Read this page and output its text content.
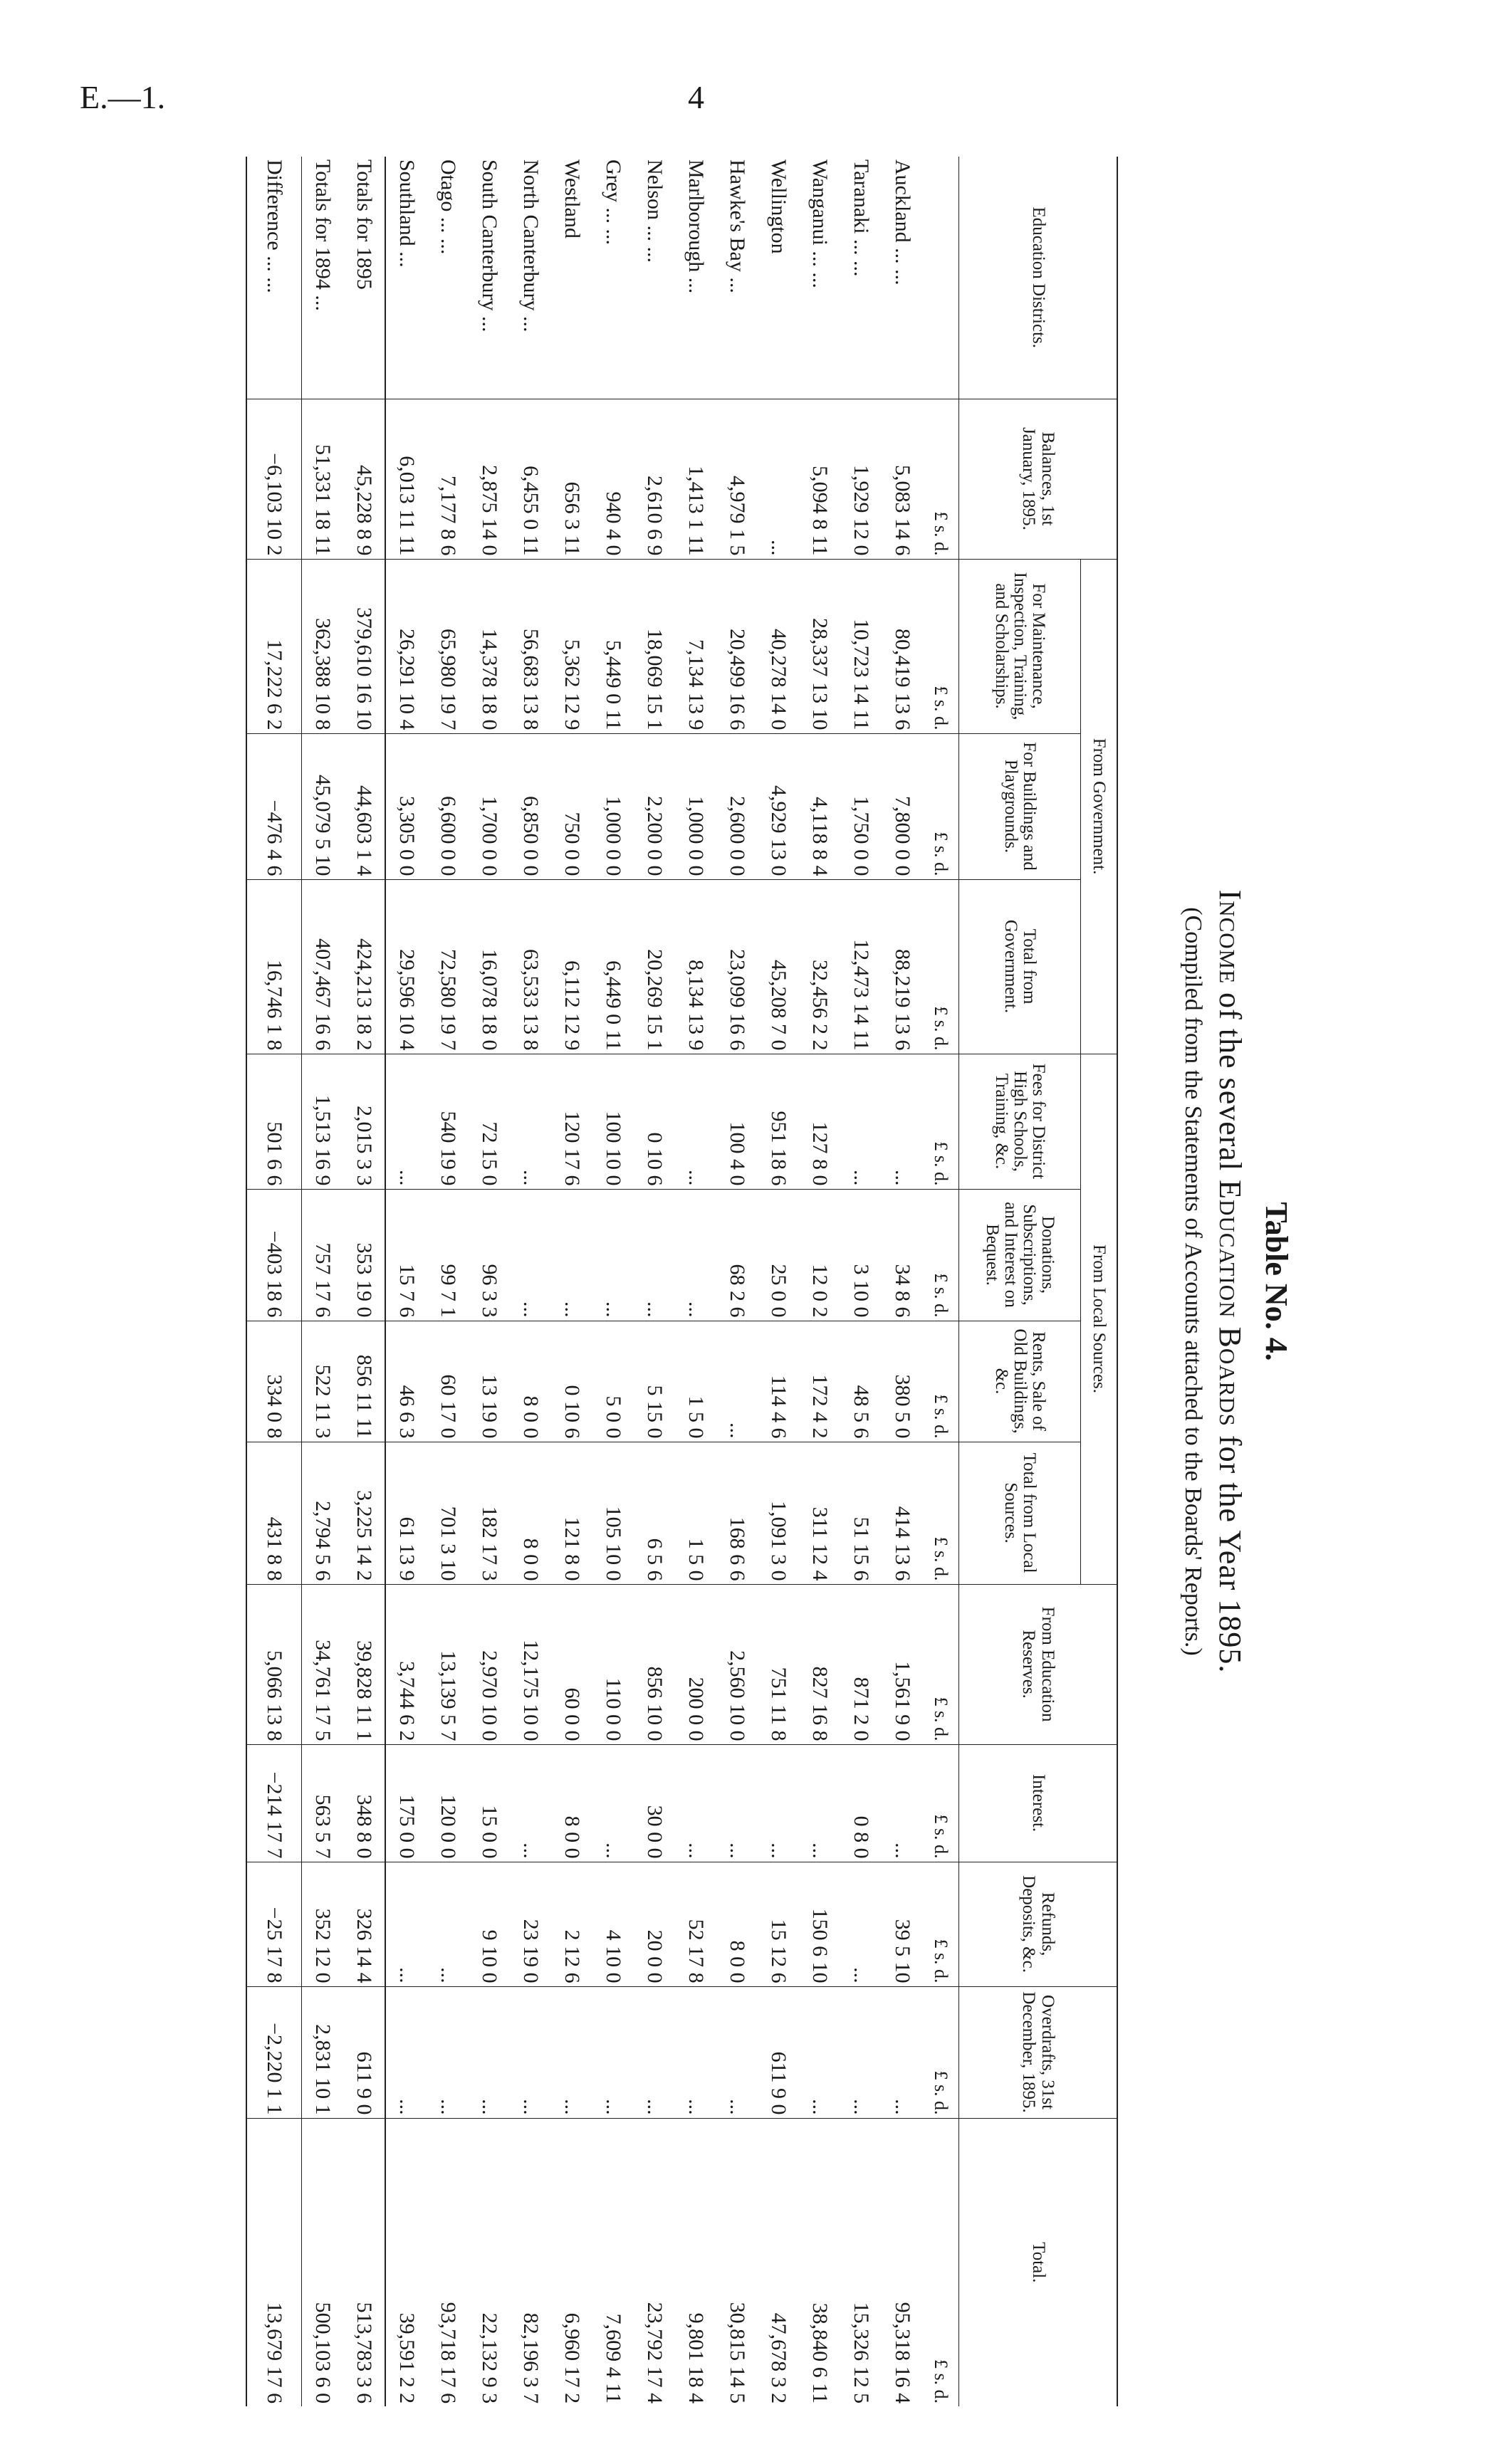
E.—1.	4
Table No. 4.
Income of the several Education Boards for the Year 1895.
(Compiled from the Statements of Accounts attached to the Boards' Reports.)
Education Districts.	Balances, 1st January, 1895.	From Government.			From Local Sources.				From Education Reserves.	Interest.	Refunds, Deposits, &c.	Overdrafts, 31st December, 1895.	Total.
		For Maintenance, Inspection, Training, and Scholarships.	For Buildings and Playgrounds.	Total from Government.	Fees for District High Schools, Training, &c.	Donations, Subscriptions, and Interest on Bequest.	Rents, Sale of Old Buildings, &c.	Total from Local Sources.					
	£ s. d.	£ s. d.	£ s. d.	£ s. d.	£ s. d.	£ s. d.	£ s. d.	£ s. d.	£ s. d.	£ s. d.	£ s. d.	£ s. d.	£ s. d.
Auckland ... ...	5,083 14 6	80,419 13 6	7,800 0 0	88,219 13 6	...	34 8 6	380 5 0	414 13 6	1,561 9 0	...	39 5 10	...	95,318 16 4
Taranaki ... ...	1,929 12 0	10,723 14 11	1,750 0 0	12,473 14 11	...	3 10 0	48 5 6	51 15 6	871 2 0	0 8 0	...	...	15,326 12 5
Wanganui ... ...	5,094 8 11	28,337 13 10	4,118 8 4	32,456 2 2	127 8 0	12 0 2	172 4 2	311 12 4	827 16 8	...	150 6 10	...	38,840 6 11
Wellington	...	40,278 14 0	4,929 13 0	45,208 7 0	951 18 6	25 0 0	114 4 6	1,091 3 0	751 11 8	...	15 12 6	611 9 0	47,678 3 2
Hawke's Bay ...	4,979 1 5	20,499 16 6	2,600 0 0	23,099 16 6	100 4 0	68 2 6	...	168 6 6	2,560 10 0	...	8 0 0	...	30,815 14 5
Marlborough ...	1,413 1 11	7,134 13 9	1,000 0 0	8,134 13 9	...	...	1 5 0	1 5 0	200 0 0	...	52 17 8	...	9,801 18 4
Nelson ... ...	2,610 6 9	18,069 15 1	2,200 0 0	20,269 15 1	0 10 6	...	5 15 0	6 5 6	856 10 0	30 0 0	20 0 0	...	23,792 17 4
Grey ... ...	940 4 0	5,449 0 11	1,000 0 0	6,449 0 11	100 10 0	...	5 0 0	105 10 0	110 0 0	...	4 10 0	...	7,609 4 11
Westland	656 3 11	5,362 12 9	750 0 0	6,112 12 9	120 17 6	...	0 10 6	121 8 0	60 0 0	8 0 0	2 12 6	...	6,960 17 2
North Canterbury ...	6,455 0 11	56,683 13 8	6,850 0 0	63,533 13 8	...	...	8 0 0	8 0 0	12,175 10 0	...	23 19 0	...	82,196 3 7
South Canterbury ...	2,875 14 0	14,378 18 0	1,700 0 0	16,078 18 0	72 15 0	96 3 3	13 19 0	182 17 3	2,970 10 0	15 0 0	9 10 0	...	22,132 9 3
Otago ... ...	7,177 8 6	65,980 19 7	6,600 0 0	72,580 19 7	540 19 9	99 7 1	60 17 0	701 3 10	13,139 5 7	120 0 0	...	...	93,718 17 6
Southland ...	6,013 11 11	26,291 10 4	3,305 0 0	29,596 10 4	...	15 7 6	46 6 3	61 13 9	3,744 6 2	175 0 0	...	...	39,591 2 2
Totals for 1895	45,228 8 9	379,610 16 10	44,603 1 4	424,213 18 2	2,015 3 3	353 19 0	856 11 11	3,225 14 2	39,828 11 1	348 8 0	326 14 4	611 9 0	513,783 3 6
Totals for 1894 ...	51,331 18 11	362,388 10 8	45,079 5 10	407,467 16 6	1,513 16 9	757 17 6	522 11 3	2,794 5 6	34,761 17 5	563 5 7	352 12 0	2,831 10 1	500,103 6 0
Difference ... ...	−6,103 10 2	17,222 6 2	−476 4 6	16,746 1 8	501 6 6	−403 18 6	334 0 8	431 8 8	5,066 13 8	−214 17 7	−25 17 8	−2,220 1 1	13,679 17 6
